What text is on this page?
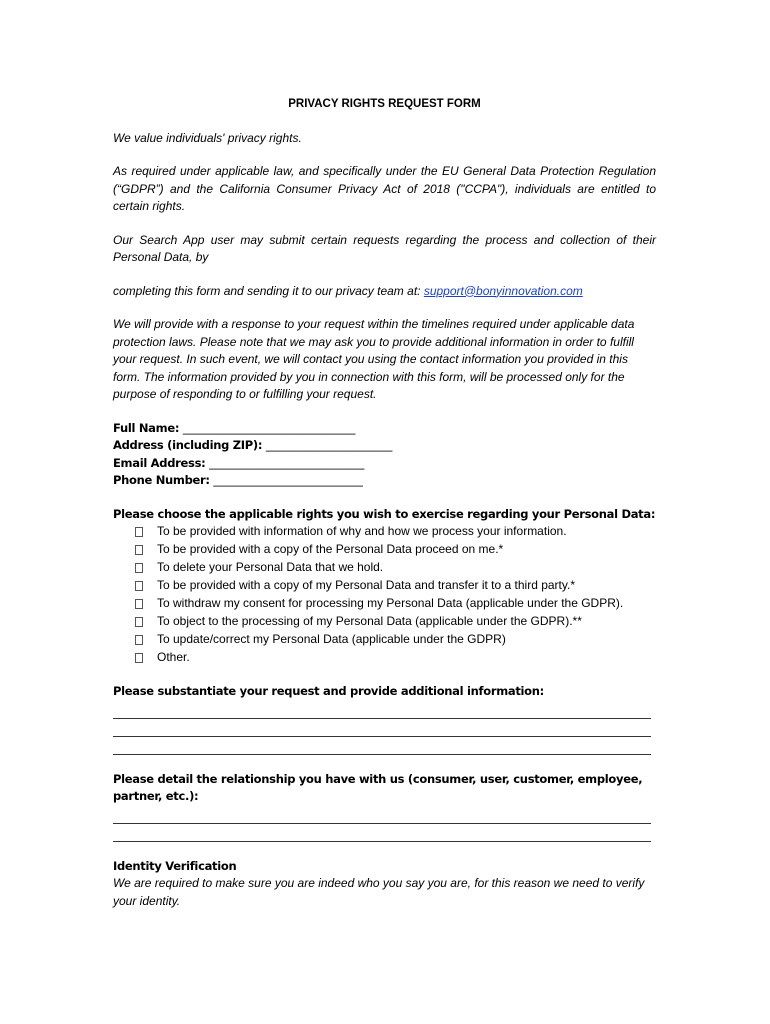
PRIVACY RIGHTS REQUEST FORM

We value individuals' privacy rights.

As required under applicable law, and specifically under the EU General Data Protection Regulation (“GDPR”) and the California Consumer Privacy Act of 2018 ("CCPA"), individuals are entitled to certain rights.

Our Search App user may submit certain requests regarding the process and collection of their Personal Data, by

completing this form and sending it to our privacy team at: support@bonyinnovation.com

We will provide with a response to your request within the timelines required under applicable data protection laws. Please note that we may ask you to provide additional information in order to fulfill your request. In such event, we will contact you using the contact information you provided in this form. The information provided by you in connection with this form, will be processed only for the purpose of responding to or fulfilling your request.

Full Name: ______________________________
Address (including ZIP): ______________________
Email Address: ___________________________
Phone Number: __________________________
Please choose the applicable rights you wish to exercise regarding your Personal Data:
To be provided with information of why and how we process your information.
To be provided with a copy of the Personal Data proceed on me.*
To delete your Personal Data that we hold.
To be provided with a copy of my Personal Data and transfer it to a third party.*
To withdraw my consent for processing my Personal Data (applicable under the GDPR).
To object to the processing of my Personal Data (applicable under the GDPR).**
To update/correct my Personal Data (applicable under the GDPR)
Other.
Please substantiate your request and provide additional information:
Please detail the relationship you have with us (consumer, user, customer, employee, partner, etc.):
Identity Verification

We are required to make sure you are indeed who you say you are, for this reason we need to verify your identity.
